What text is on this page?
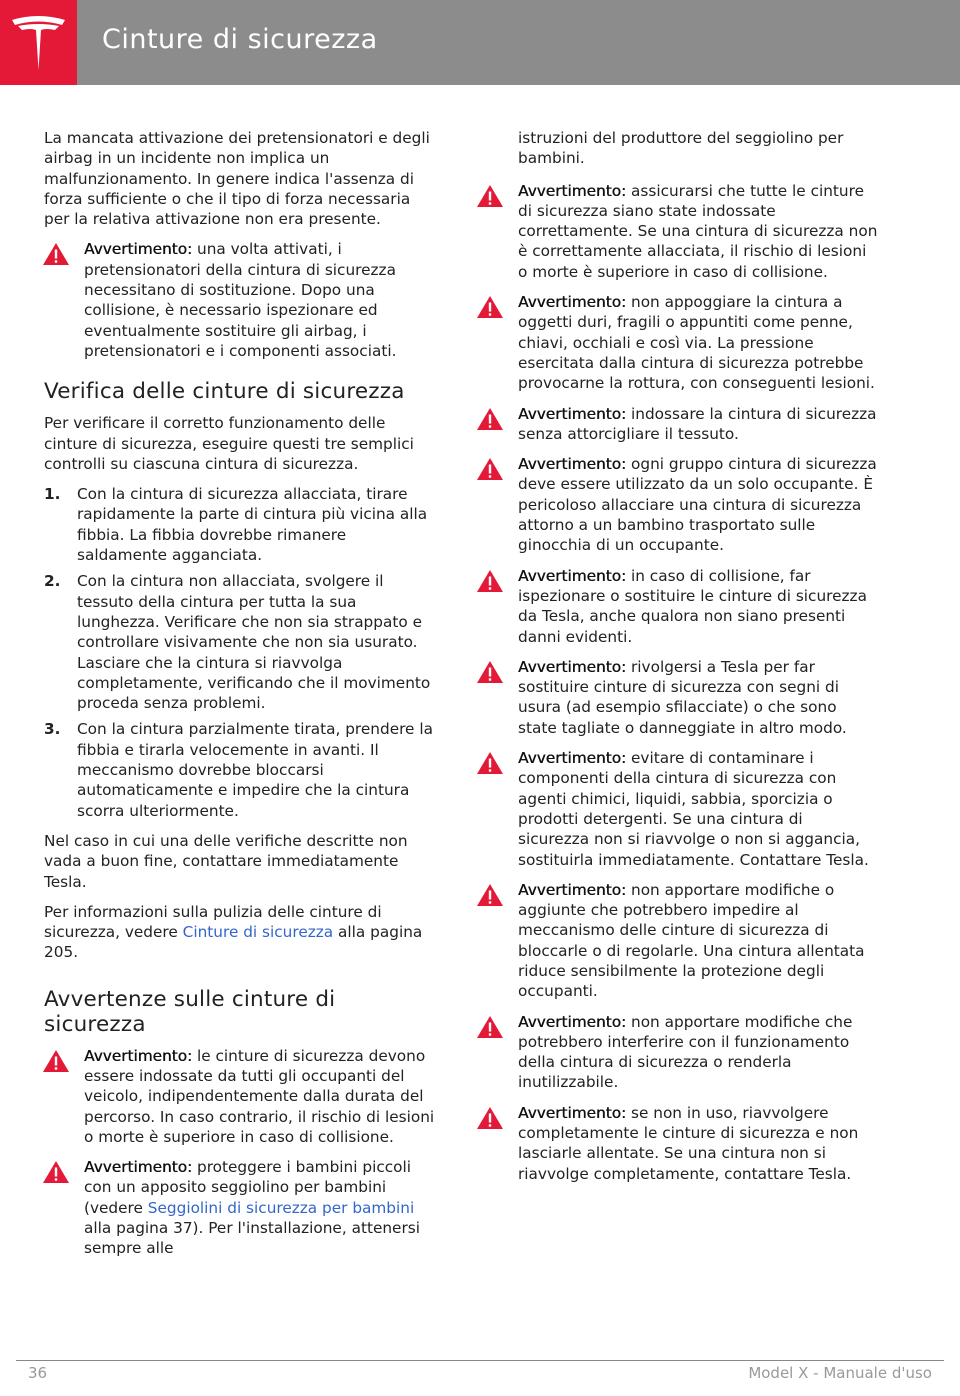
Cinture di sicurezza

La mancata attivazione dei pretensionatori e degli airbag in un incidente non implica un malfunzionamento. In genere indica l'assenza di forza sufficiente o che il tipo di forza necessaria per la relativa attivazione non era presente.

Avvertimento: una volta attivati, i pretensionatori della cintura di sicurezza necessitano di sostituzione. Dopo una collisione, è necessario ispezionare ed eventualmente sostituire gli airbag, i pretensionatori e i componenti associati.
Verifica delle cinture di sicurezza

Per verificare il corretto funzionamento delle cinture di sicurezza, eseguire questi tre semplici controlli su ciascuna cintura di sicurezza.

1. Con la cintura di sicurezza allacciata, tirare rapidamente la parte di cintura più vicina alla fibbia. La fibbia dovrebbe rimanere saldamente agganciata.
2. Con la cintura non allacciata, svolgere il tessuto della cintura per tutta la sua lunghezza. Verificare che non sia strappato e controllare visivamente che non sia usurato. Lasciare che la cintura si riavvolga completamente, verificando che il movimento proceda senza problemi.
3. Con la cintura parzialmente tirata, prendere la fibbia e tirarla velocemente in avanti. Il meccanismo dovrebbe bloccarsi automaticamente e impedire che la cintura scorra ulteriormente.

Nel caso in cui una delle verifiche descritte non vada a buon fine, contattare immediatamente Tesla.

Per informazioni sulla pulizia delle cinture di sicurezza, vedere Cinture di sicurezza alla pagina 205.

Avvertenze sulle cinture di sicurezza
Avvertimento: le cinture di sicurezza devono essere indossate da tutti gli occupanti del veicolo, indipendentemente dalla durata del percorso. In caso contrario, il rischio di lesioni o morte è superiore in caso di collisione.
Avvertimento: proteggere i bambini piccoli con un apposito seggiolino per bambini (vedere Seggiolini di sicurezza per bambini alla pagina 37). Per l'installazione, attenersi sempre alle
istruzioni del produttore del seggiolino per bambini.
Avvertimento: assicurarsi che tutte le cinture di sicurezza siano state indossate correttamente. Se una cintura di sicurezza non è correttamente allacciata, il rischio di lesioni o morte è superiore in caso di collisione.
Avvertimento: non appoggiare la cintura a oggetti duri, fragili o appuntiti come penne, chiavi, occhiali e così via. La pressione esercitata dalla cintura di sicurezza potrebbe provocarne la rottura, con conseguenti lesioni.
Avvertimento: indossare la cintura di sicurezza senza attorcigliare il tessuto.
Avvertimento: ogni gruppo cintura di sicurezza deve essere utilizzato da un solo occupante. È pericoloso allacciare una cintura di sicurezza attorno a un bambino trasportato sulle ginocchia di un occupante.
Avvertimento: in caso di collisione, far ispezionare o sostituire le cinture di sicurezza da Tesla, anche qualora non siano presenti danni evidenti.
Avvertimento: rivolgersi a Tesla per far sostituire cinture di sicurezza con segni di usura (ad esempio sfilacciate) o che sono state tagliate o danneggiate in altro modo.
Avvertimento: evitare di contaminare i componenti della cintura di sicurezza con agenti chimici, liquidi, sabbia, sporcizia o prodotti detergenti. Se una cintura di sicurezza non si riavvolge o non si aggancia, sostituirla immediatamente. Contattare Tesla.
Avvertimento: non apportare modifiche o aggiunte che potrebbero impedire al meccanismo delle cinture di sicurezza di bloccarle o di regolarle. Una cintura allentata riduce sensibilmente la protezione degli occupanti.
Avvertimento: non apportare modifiche che potrebbero interferire con il funzionamento della cintura di sicurezza o renderla inutilizzabile.
Avvertimento: se non in uso, riavvolgere completamente le cinture di sicurezza e non lasciarle allentate. Se una cintura non si riavvolge completamente, contattare Tesla.
36	Model X - Manuale d'uso
